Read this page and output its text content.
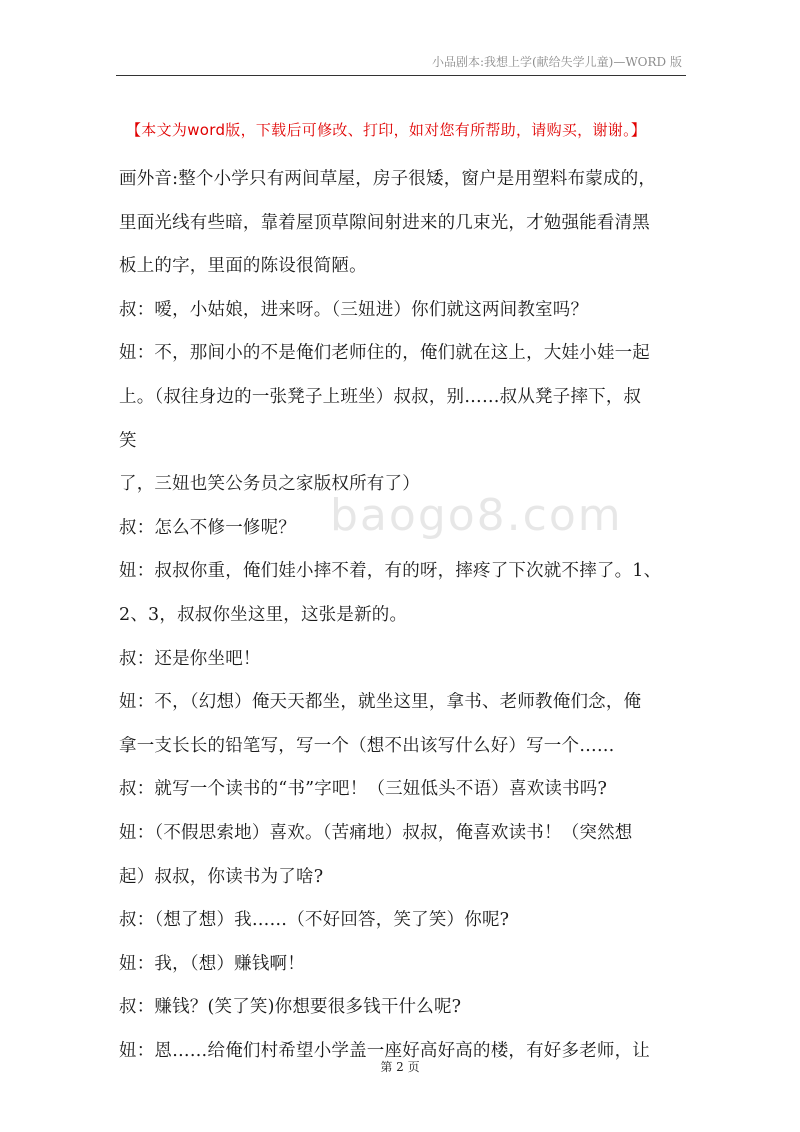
小品剧本:我想上学(献给失学儿童)—WORD 版
baogo8.com
【本文为word版，下载后可修改、打印，如对您有所帮助，请购买，谢谢。】
画外音:整个小学只有两间草屋，房子很矮，窗户是用塑料布蒙成的，
里面光线有些暗，靠着屋顶草隙间射进来的几束光，才勉强能看清黑
板上的字，里面的陈设很简陋。
叔：嗳，小姑娘，进来呀。（三妞进）你们就这两间教室吗？
妞：不，那间小的不是俺们老师住的，俺们就在这上，大娃小娃一起
上。（叔往身边的一张凳子上班坐）叔叔，别……叔从凳子摔下，叔
笑
了，三妞也笑公务员之家版权所有了）
叔：怎么不修一修呢？
妞：叔叔你重，俺们娃小摔不着，有的呀，摔疼了下次就不摔了。1、
2、3，叔叔你坐这里，这张是新的。
叔：还是你坐吧！
妞：不，（幻想）俺天天都坐，就坐这里，拿书、老师教俺们念，俺
拿一支长长的铅笔写，写一个（想不出该写什么好）写一个……
叔：就写一个读书的“书”字吧！（三妞低头不语）喜欢读书吗?
妞：（不假思索地）喜欢。（苦痛地）叔叔，俺喜欢读书！（突然想
起）叔叔，你读书为了啥?
叔：（想了想）我……（不好回答，笑了笑）你呢?
妞：我，（想）赚钱啊！
叔：赚钱？(笑了笑)你想要很多钱干什么呢?
妞：恩……给俺们村希望小学盖一座好高好高的楼，有好多老师，让
第 2 页
